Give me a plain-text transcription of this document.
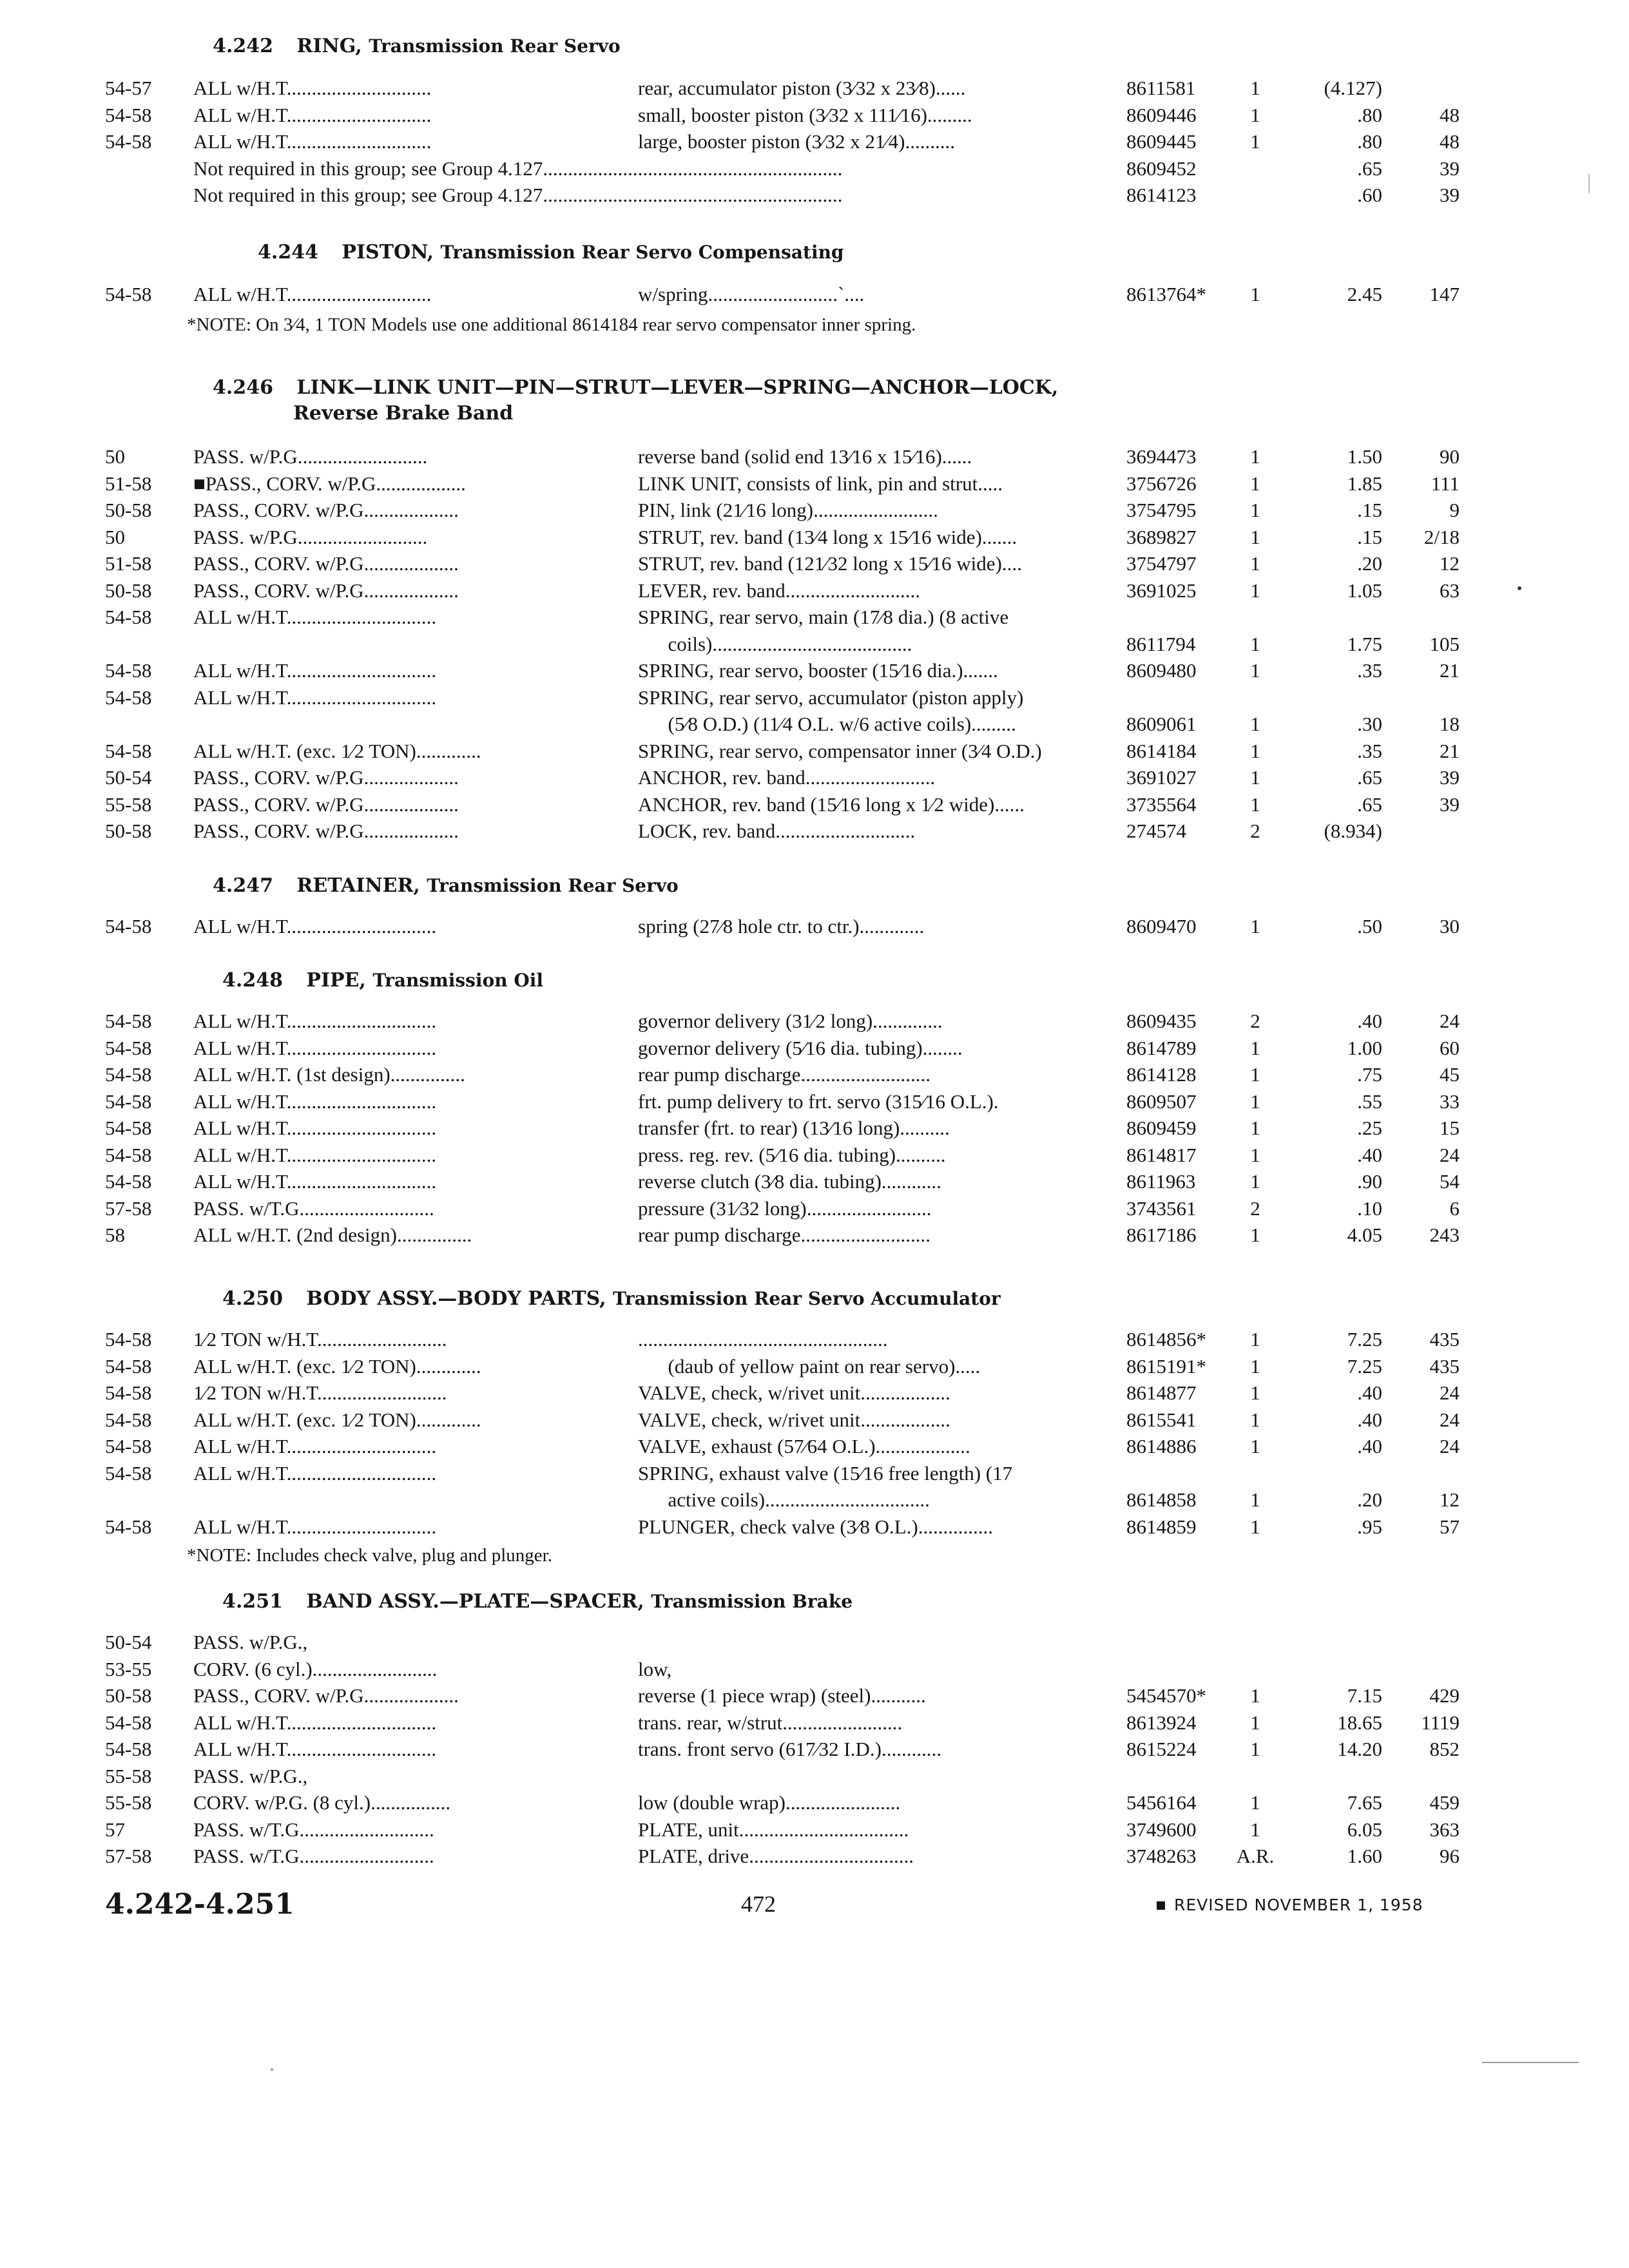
4.242 RING, Transmission Rear Servo
54-57	ALL w/H.T.............................	rear, accumulator piston (3⁄32 x 23⁄8)......	8611581	1	(4.127)
54-58	ALL w/H.T.............................	small, booster piston (3⁄32 x 111⁄16).........	8609446	1	.80	48
54-58	ALL w/H.T.............................	large, booster piston (3⁄32 x 21⁄4)..........	8609445	1	.80	48
Not required in this group; see Group 4.127............................................................	8609452	.65	39
Not required in this group; see Group 4.127............................................................	8614123	.60	39
4.244 PISTON, Transmission Rear Servo Compensating
54-58	ALL w/H.T.............................	w/spring..........................`....	8613764*	1	2.45	147
*NOTE: On 3⁄4, 1 TON Models use one additional 8614184 rear servo compensator inner spring.
4.246 LINK—LINK UNIT—PIN—STRUT—LEVER—SPRING—ANCHOR—LOCK,
Reverse Brake Band
50	PASS. w/P.G..........................	reverse band (solid end 13⁄16 x 15⁄16)......	3694473	1	1.50	90
51-58	■PASS., CORV. w/P.G..................	LINK UNIT, consists of link, pin and strut.....	3756726	1	1.85	111
50-58	PASS., CORV. w/P.G...................	PIN, link (21⁄16 long).........................	3754795	1	.15	9
50	PASS. w/P.G..........................	STRUT, rev. band (13⁄4 long x 15⁄16 wide).......	3689827	1	.15	2/18
51-58	PASS., CORV. w/P.G...................	STRUT, rev. band (121⁄32 long x 15⁄16 wide)....	3754797	1	.20	12
50-58	PASS., CORV. w/P.G...................	LEVER, rev. band...........................	3691025	1	1.05	63
54-58	ALL w/H.T..............................	SPRING, rear servo, main (17⁄8 dia.) (8 active
coils)........................................	8611794	1	1.75	105
54-58	ALL w/H.T..............................	SPRING, rear servo, booster (15⁄16 dia.).......	8609480	1	.35	21
54-58	ALL w/H.T..............................	SPRING, rear servo, accumulator (piston apply)
(5⁄8 O.D.) (11⁄4 O.L. w/6 active coils).........	8609061	1	.30	18
54-58	ALL w/H.T. (exc. 1⁄2 TON).............	SPRING, rear servo, compensator inner (3⁄4 O.D.)	8614184	1	.35	21
50-54	PASS., CORV. w/P.G...................	ANCHOR, rev. band..........................	3691027	1	.65	39
55-58	PASS., CORV. w/P.G...................	ANCHOR, rev. band (15⁄16 long x 1⁄2 wide)......	3735564	1	.65	39
50-58	PASS., CORV. w/P.G...................	LOCK, rev. band............................	274574	2	(8.934)
4.247 RETAINER, Transmission Rear Servo
54-58	ALL w/H.T..............................	spring (27⁄8 hole ctr. to ctr.).............	8609470	1	.50	30
4.248 PIPE, Transmission Oil
54-58	ALL w/H.T..............................	governor delivery (31⁄2 long)..............	8609435	2	.40	24
54-58	ALL w/H.T..............................	governor delivery (5⁄16 dia. tubing)........	8614789	1	1.00	60
54-58	ALL w/H.T. (1st design)...............	rear pump discharge..........................	8614128	1	.75	45
54-58	ALL w/H.T..............................	frt. pump delivery to frt. servo (315⁄16 O.L.).	8609507	1	.55	33
54-58	ALL w/H.T..............................	transfer (frt. to rear) (13⁄16 long)..........	8609459	1	.25	15
54-58	ALL w/H.T..............................	press. reg. rev. (5⁄16 dia. tubing)..........	8614817	1	.40	24
54-58	ALL w/H.T..............................	reverse clutch (3⁄8 dia. tubing)............	8611963	1	.90	54
57-58	PASS. w/T.G...........................	pressure (31⁄32 long).........................	3743561	2	.10	6
58	ALL w/H.T. (2nd design)...............	rear pump discharge..........................	8617186	1	4.05	243
4.250 BODY ASSY.—BODY PARTS, Transmission Rear Servo Accumulator
54-58	1⁄2 TON w/H.T..........................	..................................................	8614856*	1	7.25	435
54-58	ALL w/H.T. (exc. 1⁄2 TON).............	(daub of yellow paint on rear servo).....	8615191*	1	7.25	435
54-58	1⁄2 TON w/H.T..........................	VALVE, check, w/rivet unit..................	8614877	1	.40	24
54-58	ALL w/H.T. (exc. 1⁄2 TON).............	VALVE, check, w/rivet unit..................	8615541	1	.40	24
54-58	ALL w/H.T..............................	VALVE, exhaust (57⁄64 O.L.)...................	8614886	1	.40	24
54-58	ALL w/H.T..............................	SPRING, exhaust valve (15⁄16 free length) (17
active coils).................................	8614858	1	.20	12
54-58	ALL w/H.T..............................	PLUNGER, check valve (3⁄8 O.L.)...............	8614859	1	.95	57
*NOTE: Includes check valve, plug and plunger.
4.251 BAND ASSY.—PLATE—SPACER, Transmission Brake
50-54	PASS. w/P.G.,
53-55	CORV. (6 cyl.).........................	low,
50-58	PASS., CORV. w/P.G...................	reverse (1 piece wrap) (steel)...........	5454570*	1	7.15	429
54-58	ALL w/H.T..............................	trans. rear, w/strut........................	8613924	1	18.65	1119
54-58	ALL w/H.T..............................	trans. front servo (617⁄32 I.D.)............	8615224	1	14.20	852
55-58	PASS. w/P.G.,
55-58	CORV. w/P.G. (8 cyl.)................	low (double wrap).......................	5456164	1	7.65	459
57	PASS. w/T.G...........................	PLATE, unit..................................	3749600	1	6.05	363
57-58	PASS. w/T.G...........................	PLATE, drive.................................	3748263	A.R.	1.60	96
4.242-4.251	472	REVISED NOVEMBER 1, 1958
